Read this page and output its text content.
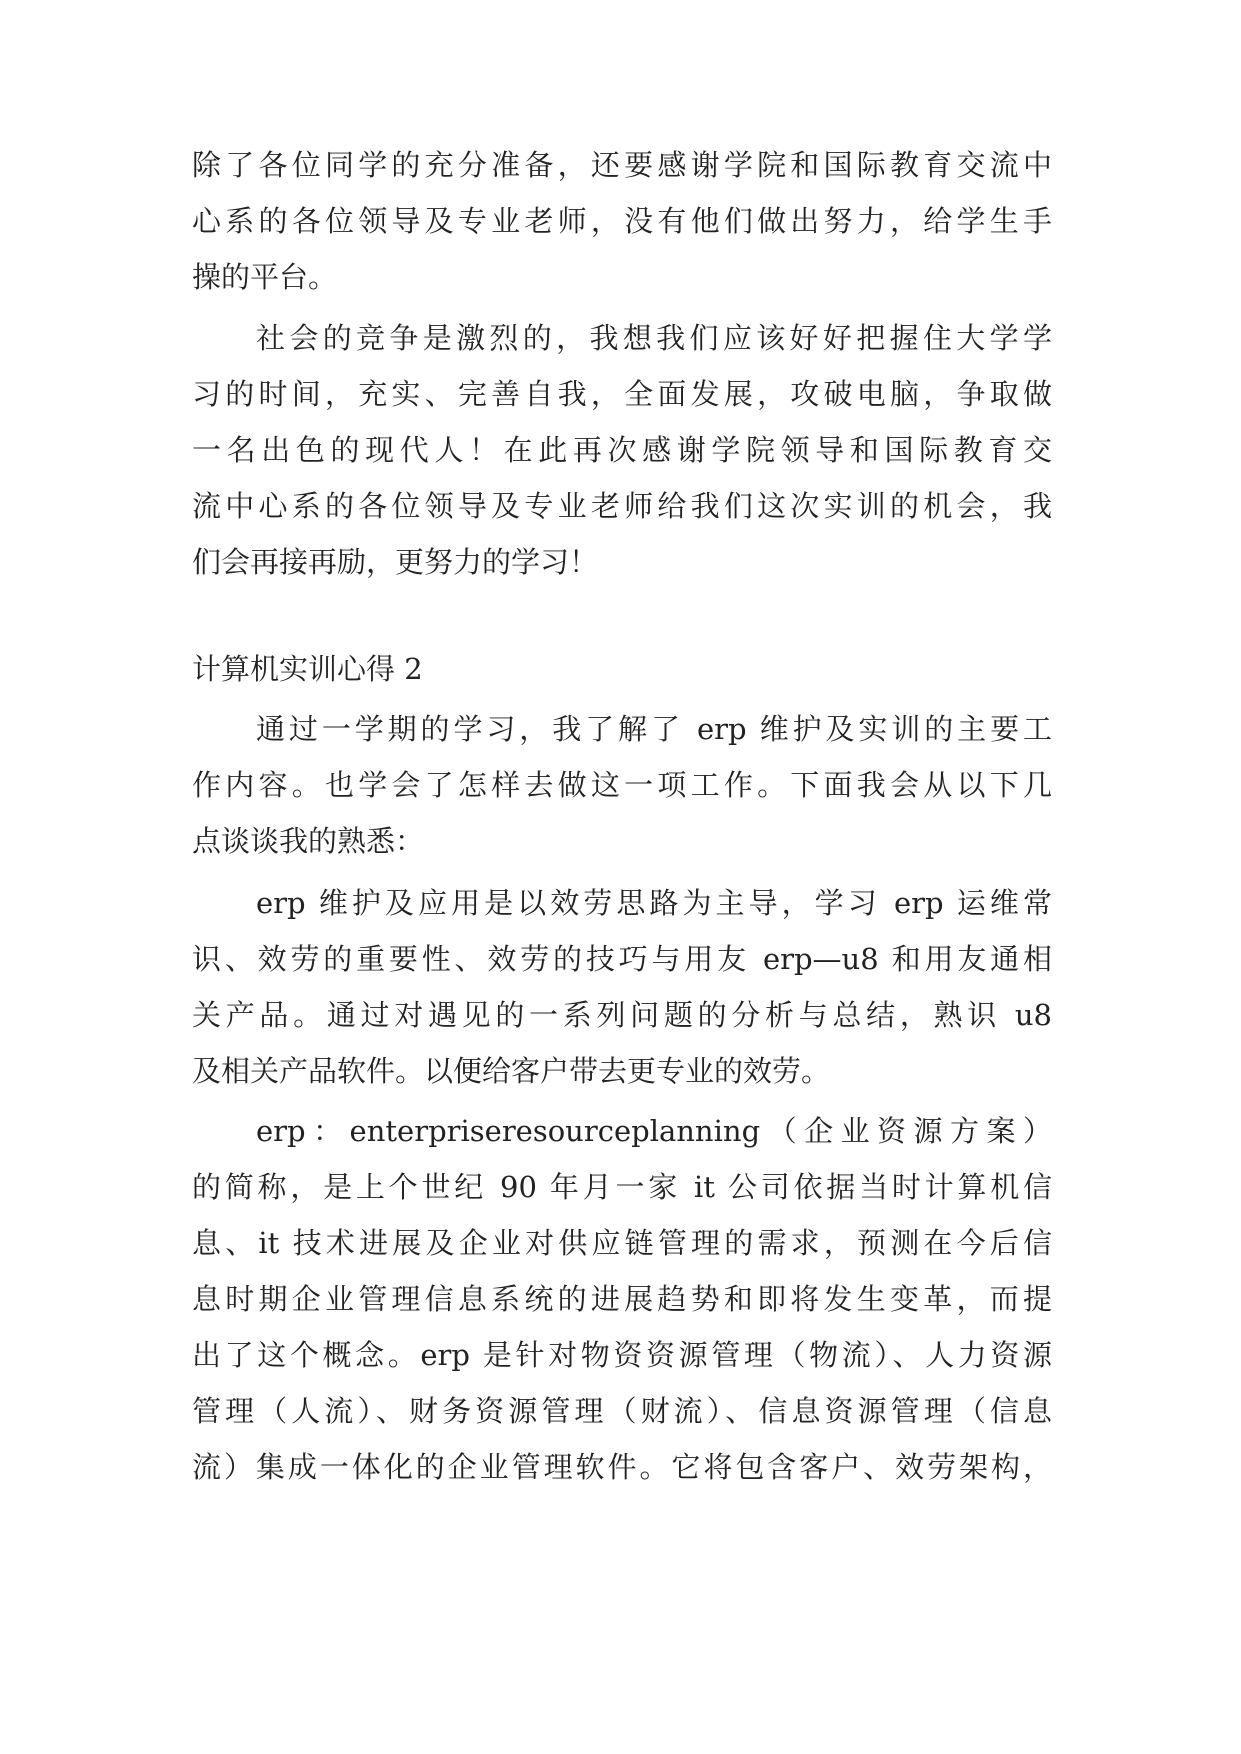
除了各位同学的充分准备，还要感谢学院和国际教育交流中
心系的各位领导及专业老师，没有他们做出努力，给学生手
操的平台。
社会的竞争是激烈的，我想我们应该好好把握住大学学
习的时间，充实、完善自我，全面发展，攻破电脑，争取做
一名出色的现代人！在此再次感谢学院领导和国际教育交
流中心系的各位领导及专业老师给我们这次实训的机会，我
们会再接再励，更努力的学习！
计算机实训心得 2
通过一学期的学习，我了解了 erp 维护及实训的主要工
作内容。也学会了怎样去做这一项工作。下面我会从以下几
点谈谈我的熟悉：
erp 维护及应用是以效劳思路为主导，学习 erp 运维常
识、效劳的重要性、效劳的技巧与用友 erp—u8 和用友通相
关产品。通过对遇见的一系列问题的分析与总结，熟识 u8
及相关产品软件。以便给客户带去更专业的效劳。
erp：enterpriseresourceplanning（企业资源方案）
的简称，是上个世纪 90 年月一家 it 公司依据当时计算机信
息、it 技术进展及企业对供应链管理的需求，预测在今后信
息时期企业管理信息系统的进展趋势和即将发生变革，而提
出了这个概念。erp 是针对物资资源管理（物流）、人力资源
管理（人流）、财务资源管理（财流）、信息资源管理（信息
流）集成一体化的企业管理软件。它将包含客户、效劳架构，
